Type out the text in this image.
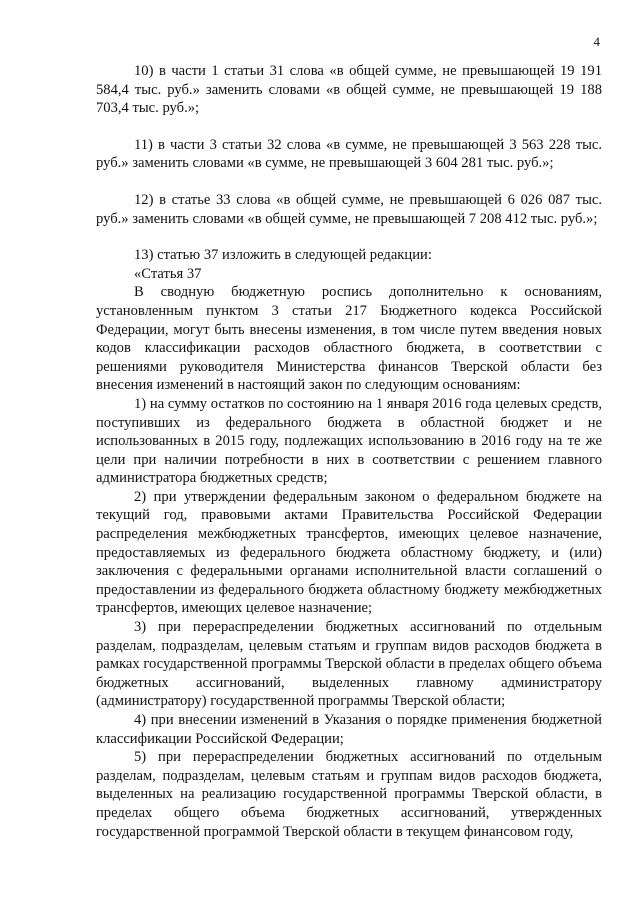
4

10) в части 1 статьи 31 слова «в общей сумме, не превышающей 19 191 584,4 тыс. руб.» заменить словами «в общей сумме, не превышающей 19 188 703,4 тыс. руб.»;

11) в части 3 статьи 32 слова «в сумме, не превышающей 3 563 228 тыс. руб.» заменить словами «в сумме, не превышающей 3 604 281 тыс. руб.»;

12) в статье 33 слова «в общей сумме, не превышающей 6 026 087 тыс. руб.» заменить словами «в общей сумме, не превышающей 7 208 412 тыс. руб.»;

13) статью 37 изложить в следующей редакции:

«Статья 37

В сводную бюджетную роспись дополнительно к основаниям, установленным пунктом 3 статьи 217 Бюджетного кодекса Российской Федерации, могут быть внесены изменения, в том числе путем введения новых кодов классификации расходов областного бюджета, в соответствии с решениями руководителя Министерства финансов Тверской области без внесения изменений в настоящий закон по следующим основаниям:

1) на сумму остатков по состоянию на 1 января 2016 года целевых средств, поступивших из федерального бюджета в областной бюджет и не использованных в 2015 году, подлежащих использованию в 2016 году на те же цели при наличии потребности в них в соответствии с решением главного администратора бюджетных средств;

2) при утверждении федеральным законом о федеральном бюджете на текущий год, правовыми актами Правительства Российской Федерации распределения межбюджетных трансфертов, имеющих целевое назначение, предоставляемых из федерального бюджета областному бюджету, и (или) заключения с федеральными органами исполнительной власти соглашений о предоставлении из федерального бюджета областному бюджету межбюджетных трансфертов, имеющих целевое назначение;

3) при перераспределении бюджетных ассигнований по отдельным разделам, подразделам, целевым статьям и группам видов расходов бюджета в рамках государственной программы Тверской области в пределах общего объема бюджетных ассигнований, выделенных главному администратору (администратору) государственной программы Тверской области;

4) при внесении изменений в Указания о порядке применения бюджетной классификации Российской Федерации;

5) при перераспределении бюджетных ассигнований по отдельным разделам, подразделам, целевым статьям и группам видов расходов бюджета, выделенных на реализацию государственной программы Тверской области, в пределах общего объема бюджетных ассигнований, утвержденных государственной программой Тверской области в текущем финансовом году,
